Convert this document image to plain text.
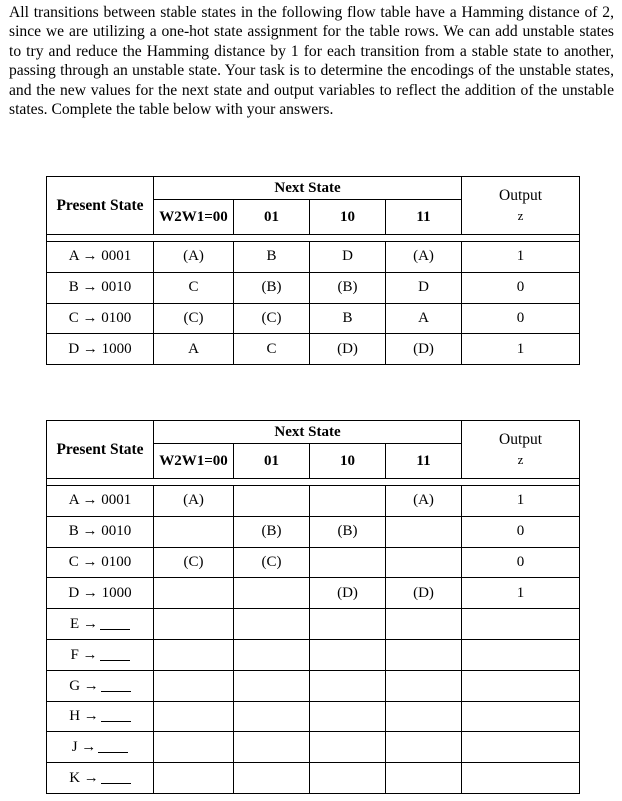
All transitions between stable states in the following flow table have a Hamming distance of 2, since we are utilizing a one-hot state assignment for the table rows. We can add unstable states to try and reduce the Hamming distance by 1 for each transition from a stable state to another, passing through an unstable state. Your task is to determine the encodings of the unstable states, and the new values for the next state and output variables to reflect the addition of the unstable states. Complete the table below with your answers.

Present State	Next State				Output
z
	W2W1=00	01	10	11	

A → 0001	(A)	B	D	(A)	1
B → 0010	C	(B)	(B)	D	0
C → 0100	(C)	(C)	B	A	0
D → 1000	A	C	(D)	(D)	1
Present State	Next State				Output
z
	W2W1=00	01	10	11	

A → 0001	(A)			(A)	1
B → 0010		(B)	(B)		0
C → 0100	(C)	(C)			0
D → 1000			(D)	(D)	1
E →					
F →					
G →					
H →					
J →					
K →					
